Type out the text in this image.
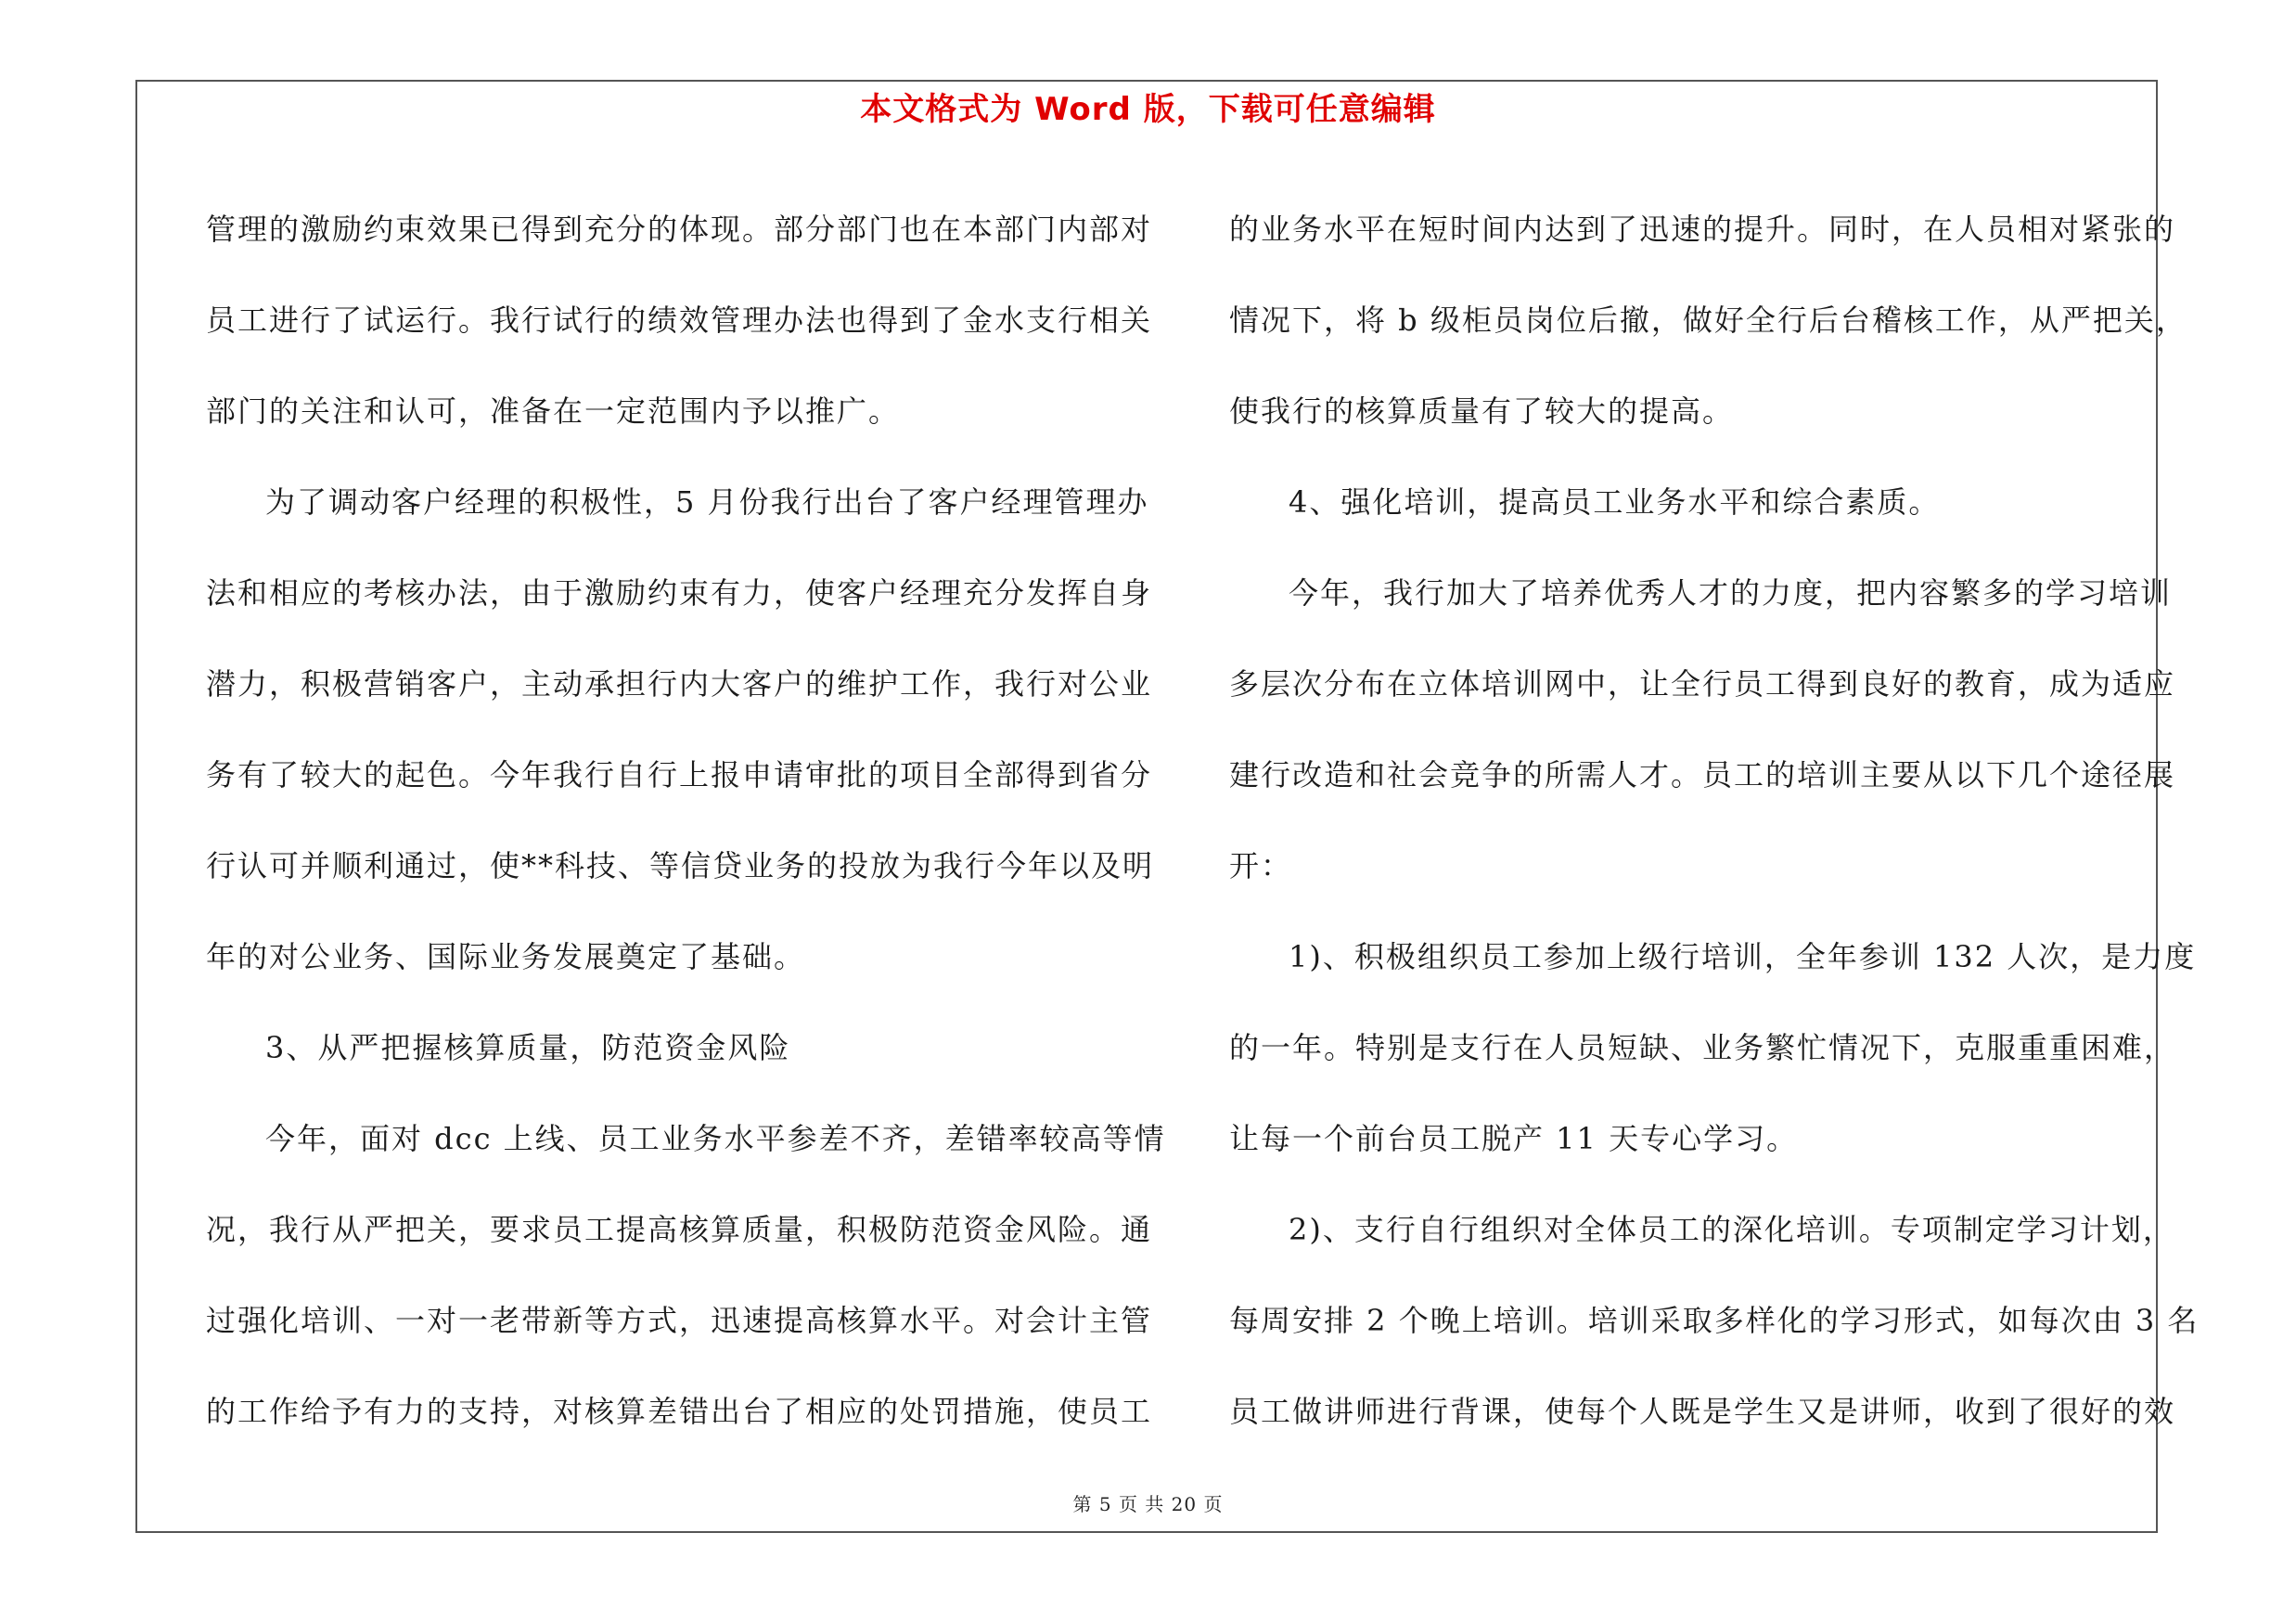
本文格式为 Word 版，下载可任意编辑
管理的激励约束效果已得到充分的体现。部分部门也在本部门内部对
员工进行了试运行。我行试行的绩效管理办法也得到了金水支行相关
部门的关注和认可，准备在一定范围内予以推广。
为了调动客户经理的积极性，5 月份我行出台了客户经理管理办
法和相应的考核办法，由于激励约束有力，使客户经理充分发挥自身
潜力，积极营销客户，主动承担行内大客户的维护工作，我行对公业
务有了较大的起色。今年我行自行上报申请审批的项目全部得到省分
行认可并顺利通过，使**科技、等信贷业务的投放为我行今年以及明
年的对公业务、国际业务发展奠定了基础。
3、从严把握核算质量，防范资金风险
今年，面对 dcc 上线、员工业务水平参差不齐，差错率较高等情
况，我行从严把关，要求员工提高核算质量，积极防范资金风险。通
过强化培训、一对一老带新等方式，迅速提高核算水平。对会计主管
的工作给予有力的支持，对核算差错出台了相应的处罚措施，使员工
的业务水平在短时间内达到了迅速的提升。同时，在人员相对紧张的
情况下，将 b 级柜员岗位后撤，做好全行后台稽核工作，从严把关，
使我行的核算质量有了较大的提高。
4、强化培训，提高员工业务水平和综合素质。
今年，我行加大了培养优秀人才的力度，把内容繁多的学习培训
多层次分布在立体培训网中，让全行员工得到良好的教育，成为适应
建行改造和社会竞争的所需人才。员工的培训主要从以下几个途径展
开：
1)、积极组织员工参加上级行培训，全年参训 132 人次，是力度
的一年。特别是支行在人员短缺、业务繁忙情况下，克服重重困难，
让每一个前台员工脱产 11 天专心学习。
2)、支行自行组织对全体员工的深化培训。专项制定学习计划，
每周安排 2 个晚上培训。培训采取多样化的学习形式，如每次由 3 名
员工做讲师进行背课，使每个人既是学生又是讲师，收到了很好的效
第 5 页 共 20 页
